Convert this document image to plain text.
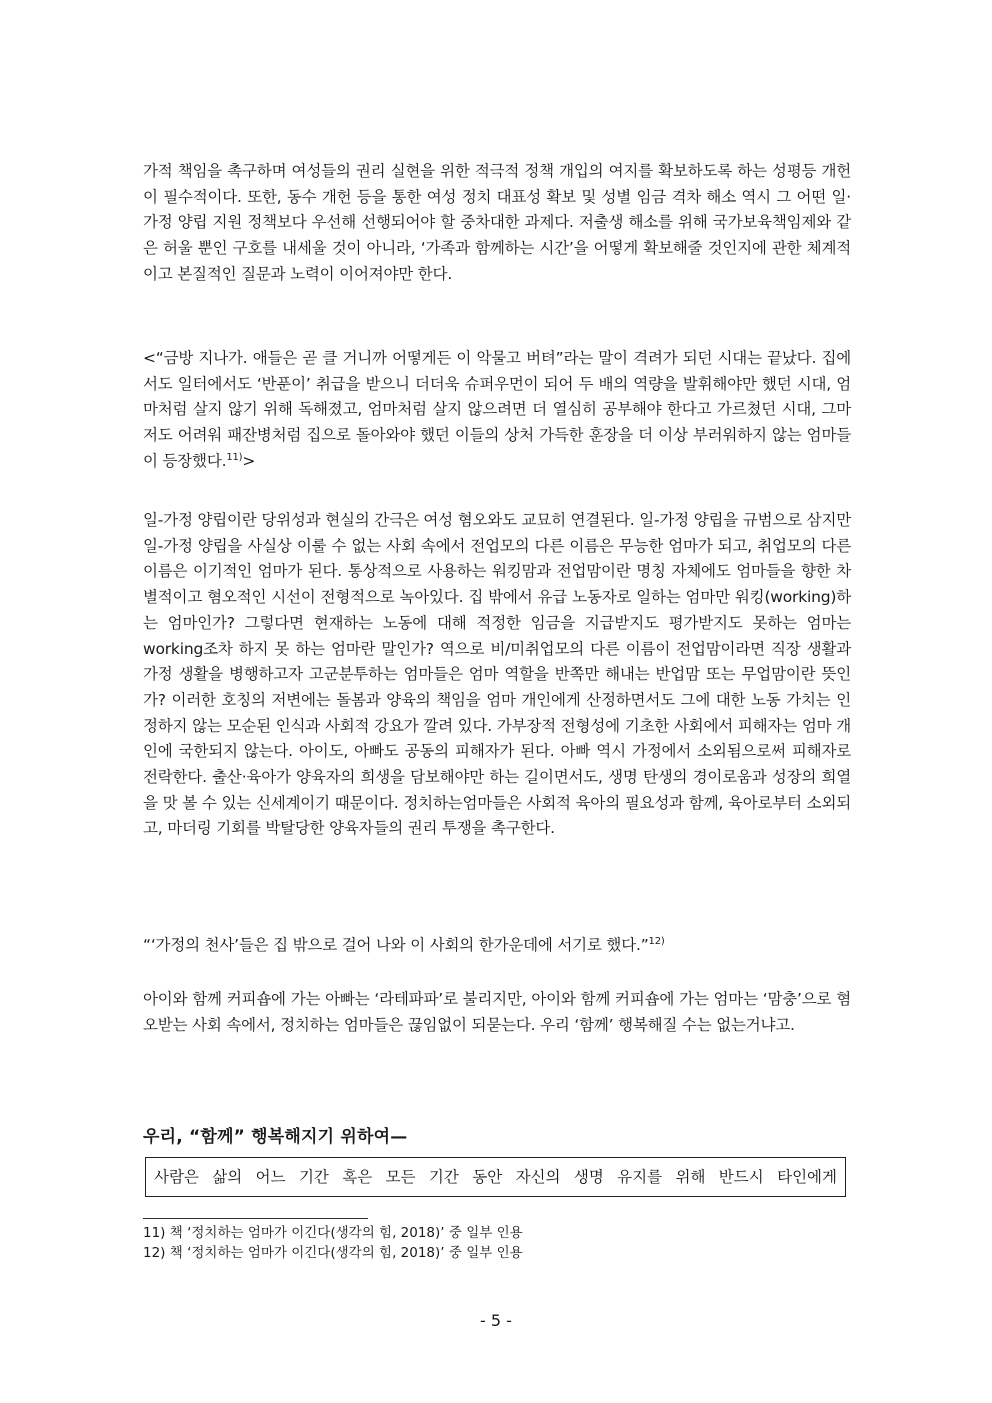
가적 책임을 촉구하며 여성들의 권리 실현을 위한 적극적 정책 개입의 여지를 확보하도록 하는 성평등 개헌이 필수적이다. 또한, 동수 개헌 등을 통한 여성 정치 대표성 확보 및 성별 임금 격차 해소 역시 그 어떤 일·가정 양립 지원 정책보다 우선해 선행되어야 할 중차대한 과제다. 저출생 해소를 위해 국가보육책임제와 같은 허울 뿐인 구호를 내세울 것이 아니라, ‘가족과 함께하는 시간’을 어떻게 확보해줄 것인지에 관한 체계적이고 본질적인 질문과 노력이 이어져야만 한다.

<“금방 지나가. 애들은 곧 클 거니까 어떻게든 이 악물고 버텨”라는 말이 격려가 되던 시대는 끝났다. 집에서도 일터에서도 ‘반푼이’ 취급을 받으니 더더욱 슈퍼우먼이 되어 두 배의 역량을 발휘해야만 했던 시대, 엄마처럼 살지 않기 위해 독해졌고, 엄마처럼 살지 않으려면 더 열심히 공부해야 한다고 가르쳤던 시대, 그마저도 어려워 패잔병처럼 집으로 돌아와야 했던 이들의 상처 가득한 훈장을 더 이상 부러워하지 않는 엄마들이 등장했다.$^{11)}$>

일-가정 양립이란 당위성과 현실의 간극은 여성 혐오와도 교묘히 연결된다. 일-가정 양립을 규범으로 삼지만 일-가정 양립을 사실상 이룰 수 없는 사회 속에서 전업모의 다른 이름은 무능한 엄마가 되고, 취업모의 다른 이름은 이기적인 엄마가 된다. 통상적으로 사용하는 워킹맘과 전업맘이란 명칭 자체에도 엄마들을 향한 차별적이고 혐오적인 시선이 전형적으로 녹아있다. 집 밖에서 유급 노동자로 일하는 엄마만 워킹(working)하는 엄마인가? 그렇다면 현재하는 노동에 대해 적정한 임금을 지급받지도 평가받지도 못하는 엄마는 working조차 하지 못 하는 엄마란 말인가? 역으로 비/미취업모의 다른 이름이 전업맘이라면 직장 생활과 가정 생활을 병행하고자 고군분투하는 엄마들은 엄마 역할을 반쪽만 해내는 반업맘 또는 무업맘이란 뜻인가? 이러한 호칭의 저변에는 돌봄과 양육의 책임을 엄마 개인에게 산정하면서도 그에 대한 노동 가치는 인정하지 않는 모순된 인식과 사회적 강요가 깔려 있다. 가부장적 전형성에 기초한 사회에서 피해자는 엄마 개인에 국한되지 않는다. 아이도, 아빠도 공동의 피해자가 된다. 아빠 역시 가정에서 소외됨으로써 피해자로 전락한다. 출산·육아가 양육자의 희생을 담보해야만 하는 길이면서도, 생명 탄생의 경이로움과 성장의 희열을 맛 볼 수 있는 신세계이기 때문이다. 정치하는엄마들은 사회적 육아의 필요성과 함께, 육아로부터 소외되고, 마더링 기회를 박탈당한 양육자들의 권리 투쟁을 촉구한다.

“‘가정의 천사’들은 집 밖으로 걸어 나와 이 사회의 한가운데에 서기로 했다.”$^{12)}$

아이와 함께 커피숍에 가는 아빠는 ‘라테파파’로 불리지만, 아이와 함께 커피숍에 가는 엄마는 ‘맘충’으로 혐오받는 사회 속에서, 정치하는 엄마들은 끊임없이 되묻는다. 우리 ‘함께’ 행복해질 수는 없는거냐고.

우리, “함께” 행복해지기 위하여—
사람은 삶의 어느 기간 혹은 모든 기간 동안 자신의 생명 유지를 위해 반드시 타인에게
11) 책 ‘정치하는 엄마가 이긴다(생각의 힘, 2018)’ 중 일부 인용
12) 책 ‘정치하는 엄마가 이긴다(생각의 힘, 2018)’ 중 일부 인용
- 5 -
